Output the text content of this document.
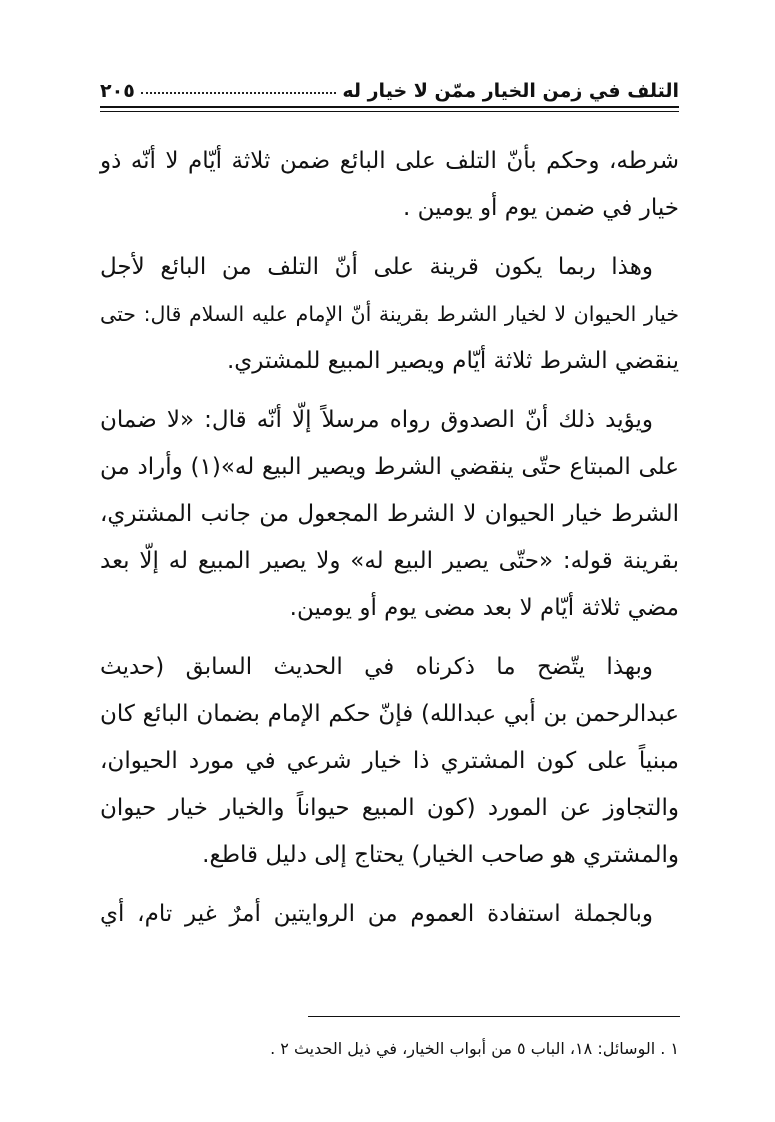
التلف في زمن الخيار ممّن لا خيار له
٢٠٥

شرطه، وحكم بأنّ التلف على البائع ضمن ثلاثة أيّام لا أنّه ذو
خيار في ضمن يوم أو يومين .

وهذا ربما يكون قرينة على أنّ التلف من البائع لأجل
خيار الحيوان لا لخيار الشرط بقرينة أنّ الإمام عليه السلام قال: حتى
ينقضي الشرط ثلاثة أيّام ويصير المبيع للمشتري.

ويؤيد ذلك أنّ الصدوق رواه مرسلاً إلّا أنّه قال: «لا ضمان
على المبتاع حتّى ينقضي الشرط ويصير البيع له»(١) وأراد من
الشرط خيار الحيوان لا الشرط المجعول من جانب المشتري،
بقرينة قوله: «حتّى يصير البيع له» ولا يصير المبيع له إلّا بعد
مضي ثلاثة أيّام لا بعد مضى يوم أو يومين.

وبهذا يتّضح ما ذكرناه في الحديث السابق (حديث
عبدالرحمن بن أبي عبدالله) فإنّ حكم الإمام بضمان البائع كان
مبنياً على كون المشتري ذا خيار شرعي في مورد الحيوان،
والتجاوز عن المورد (كون المبيع حيواناً والخيار خيار حيوان
والمشتري هو صاحب الخيار) يحتاج إلى دليل قاطع.

وبالجملة استفادة العموم من الروايتين أمرٌ غير تام، أي

١ . الوسائل: ١٨، الباب ٥ من أبواب الخيار، في ذيل الحديث ٢ .
